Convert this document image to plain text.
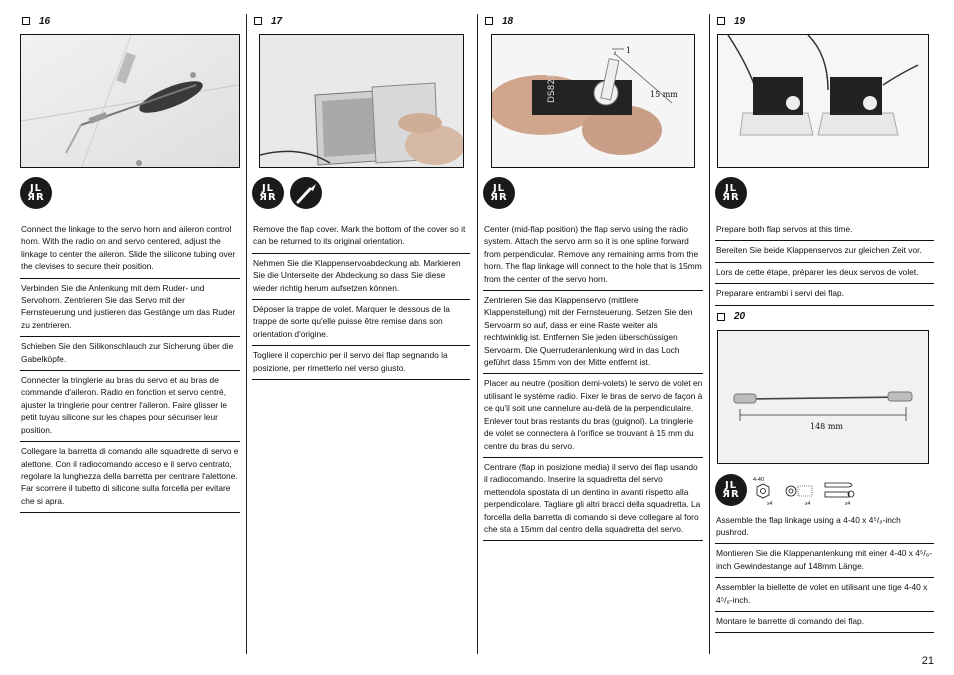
16
JL
ЯR
Connect the linkage to the servo horn and aileron control horn. With the radio on and servo centered, adjust the linkage to center the aileron. Slide the silicone tubing over the clevises to secure their position.
Verbinden Sie die Anlenkung mit dem Ruder- und Servohorn. Zentrieren Sie das Servo mit der Fernsteuerung und justieren das Gestänge um das Ruder zu zentrieren.
Schieben Sie den Silikonschlauch zur Sicherung über die Gabelköpfe.
Connecter la tringlerie au bras du servo et au bras de commande d'aileron. Radio en fonction et servo centré, ajuster la tringlerie pour centrer l'aileron. Faire glisser le petit tuyau silicone sur les chapes pour sécuriser leur position.
Collegare la barretta di comando alle squadrette di servo e alettone. Con il radiocomando acceso e il servo centrato, regolare la lunghezza della barretta per centrare l'alettone. Far scorrere il tubetto di silicone sulla forcella per evitare che si apra.
17
JL
ЯR
Remove the flap cover. Mark the bottom of the cover so it can be returned to its original orientation.
Nehmen Sie die Klappenservoabdeckung ab. Markieren Sie die Unterseite der Abdeckung so dass Sie diese wieder richtig herum aufsetzen können.
Déposer la trappe de volet. Marquer le dessous de la trappe de sorte qu'elle puisse être remise dans son orientation d'origine.
Togliere il coperchio per il servo dei flap segnando la posizione, per rimetterlo nel verso giusto.
18
DS821
1
15 mm
JL
ЯR
Center (mid-flap position) the flap servo using the radio system. Attach the servo arm so it is one spline forward from perpendicular. Remove any remaining arms from the horn. The flap linkage will connect to the hole that is 15mm from the center of the servo horn.
Zentrieren Sie das Klappenservo (mittlere Klappenstellung) mit der Fernsteuerung. Setzen Sie den Servoarm so auf, dass er eine Raste weiter als rechtwinklig ist. Entfernen Sie jeden überschüssigen Servoarm. Die Querruderanlenkung wird in das Loch geführt dass 15mm von der Mitte entfernt ist.
Placer au neutre (position demi-volets) le servo de volet en utilisant le système radio. Fixer le bras de servo de façon à ce qu'il soit une cannelure au-delà de la perpendiculaire. Enlever tout bras restants du bras (guignol). La tringlerie de volet se connectera à l'orifice se trouvant à 15 mm du centre du bras du servo.
Centrare (flap in posizione media) il servo dei flap usando il radiocomando. Inserire la squadretta del servo mettendola spostata di un dentino in avanti rispetto alla perpendicolare. Tagliare gli altri bracci della squadretta. La forcella della barretta di comando si deve collegare al foro che sta a 15mm dal centro della squadretta del servo.
19
JL
ЯR
Prepare both flap servos at this time.
Bereiten Sie beide Klappenservos zur gleichen Zeit vor.
Lors de cette étape, préparer les deux servos de volet.
Preparare entrambi i servi dei flap.
20
148 mm
JL
ЯR
4-40
x4	x4	x4
Assemble the flap linkage using a 4-40 x 4⁵/₈-inch pushrod.
Montieren Sie die Klappenanlenkung mit einer 4-40 x 4⁵/₈-inch Gewindestange auf 148mm Länge.
Assembler la biellette de volet en utilisant une tige 4-40 x 4⁵/₈-inch.
Montare le barrette di comando dei flap.
21
